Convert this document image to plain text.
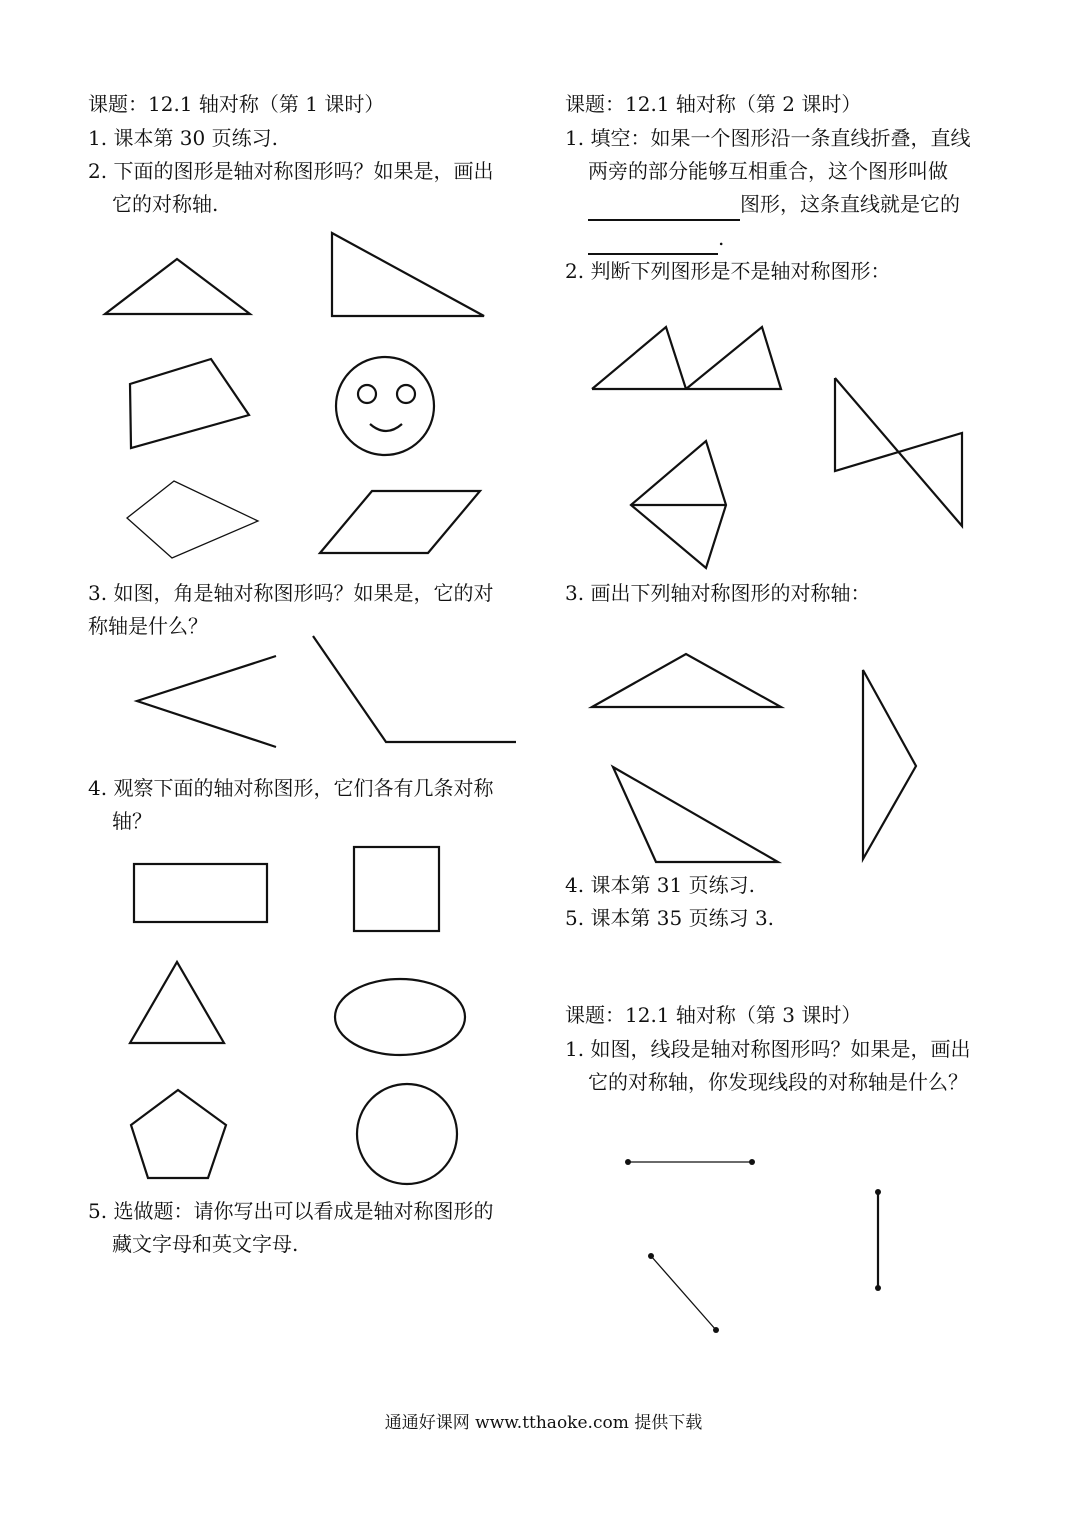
课题：12.1 轴对称（第 1 课时）
1. 课本第 30 页练习.
2. 下面的图形是轴对称图形吗？如果是，画出
它的对称轴.
3. 如图，角是轴对称图形吗？如果是，它的对
称轴是什么？
4. 观察下面的轴对称图形，它们各有几条对称
轴？
5. 选做题：请你写出可以看成是轴对称图形的
藏文字母和英文字母.
课题：12.1 轴对称（第 2 课时）
1. 填空：如果一个图形沿一条直线折叠，直线
两旁的部分能够互相重合，这个图形叫做
图形，这条直线就是它的
.
2. 判断下列图形是不是轴对称图形：
3. 画出下列轴对称图形的对称轴：
4. 课本第 31 页练习.
5. 课本第 35 页练习 3.
课题：12.1 轴对称（第 3 课时）
1. 如图，线段是轴对称图形吗？如果是，画出
它的对称轴，你发现线段的对称轴是什么？
通通好课网 www.tthaoke.com 提供下载
